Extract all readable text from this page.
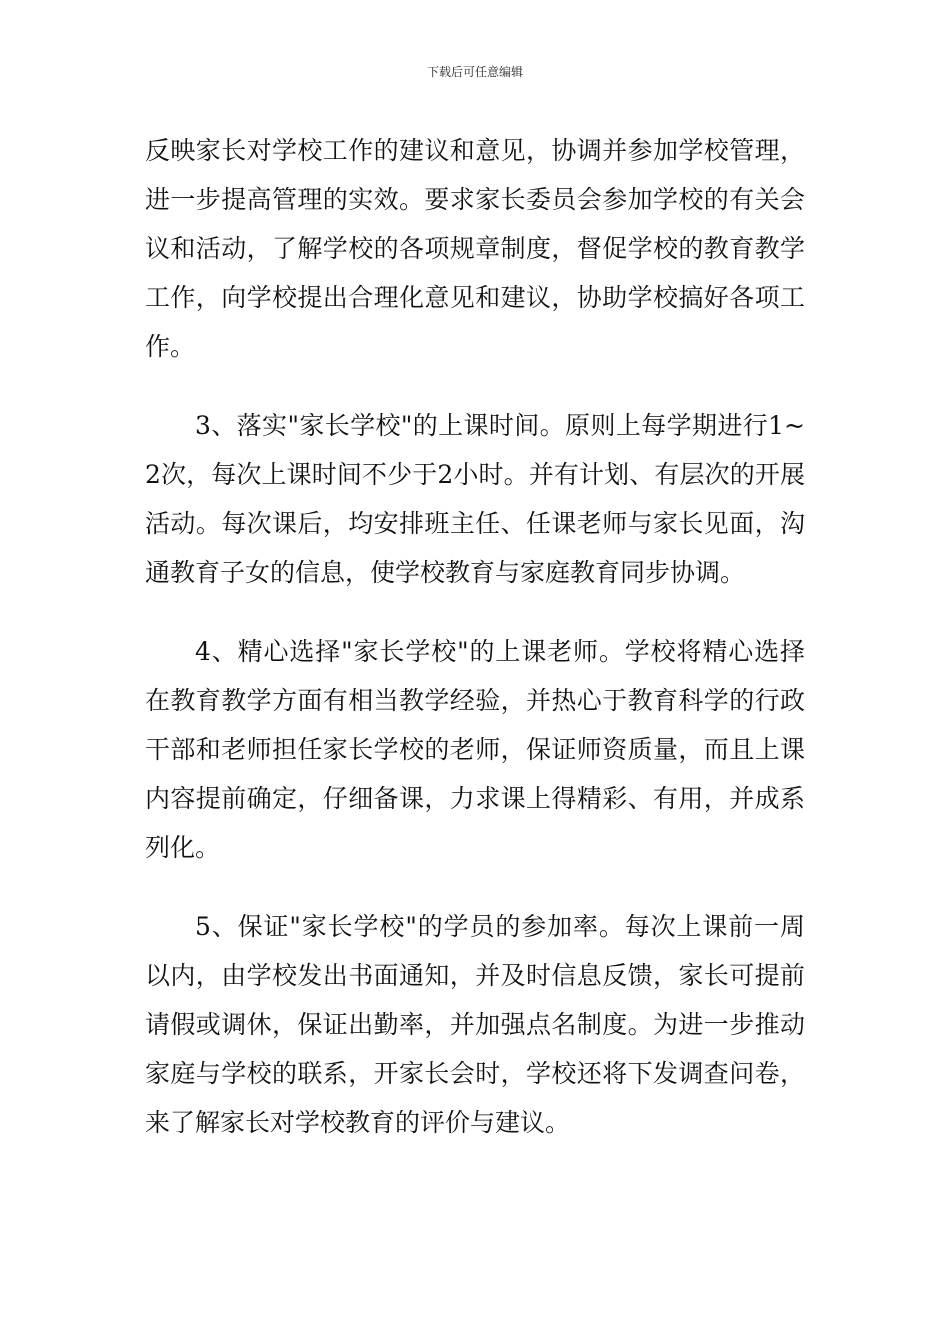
下载后可任意编辑

反映家长对学校工作的建议和意见，协调并参加学校管理，进一步提高管理的实效。要求家长委员会参加学校的有关会议和活动，了解学校的各项规章制度，督促学校的教育教学工作，向学校提出合理化意见和建议，协助学校搞好各项工作。

3、落实"家长学校"的上课时间。原则上每学期进行1~2次，每次上课时间不少于2小时。并有计划、有层次的开展活动。每次课后，均安排班主任、任课老师与家长见面，沟通教育子女的信息，使学校教育与家庭教育同步协调。

4、精心选择"家长学校"的上课老师。学校将精心选择在教育教学方面有相当教学经验，并热心于教育科学的行政干部和老师担任家长学校的老师，保证师资质量，而且上课内容提前确定，仔细备课，力求课上得精彩、有用，并成系列化。

5、保证"家长学校"的学员的参加率。每次上课前一周以内，由学校发出书面通知，并及时信息反馈，家长可提前请假或调休，保证出勤率，并加强点名制度。为进一步推动家庭与学校的联系，开家长会时，学校还将下发调查问卷，来了解家长对学校教育的评价与建议。
